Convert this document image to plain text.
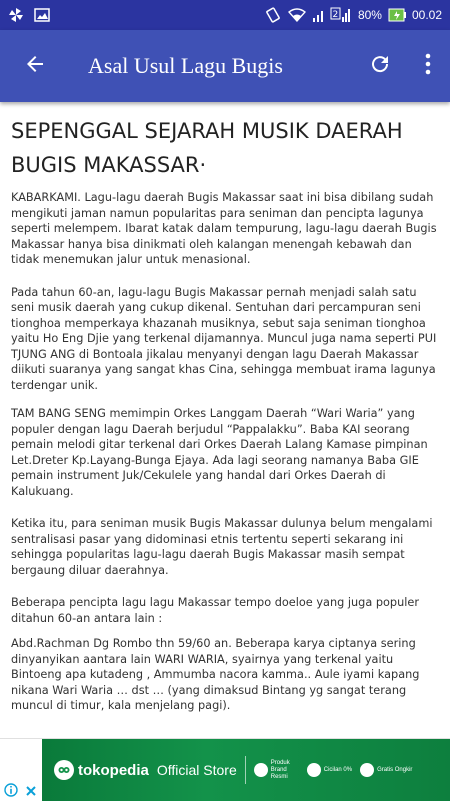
2 80%	00.02
Asal Usul Lagu Bugis
SEPENGGAL SEJARAH MUSIK DAERAH BUGIS MAKASSAR·

KABARKAMI. Lagu-lagu daerah Bugis Makassar saat ini bisa dibilang sudah mengikuti jaman namun popularitas para seniman dan pencipta lagunya seperti melempem. Ibarat katak dalam tempurung, lagu-lagu daerah Bugis Makassar hanya bisa dinikmati oleh kalangan menengah kebawah dan tidak menemukan jalur untuk menasional.

Pada tahun 60-an, lagu-lagu Bugis Makassar pernah menjadi salah satu seni musik daerah yang cukup dikenal. Sentuhan dari percampuran seni tionghoa memperkaya khazanah musiknya, sebut saja seniman tionghoa yaitu Ho Eng Djie yang terkenal dijamannya. Muncul juga nama seperti PUI TJUNG ANG di Bontoala jikalau menyanyi dengan lagu Daerah Makassar diikuti suaranya yang sangat khas Cina, sehingga membuat irama lagunya terdengar unik.

TAM BANG SENG memimpin Orkes Langgam Daerah “Wari Waria” yang populer dengan lagu Daerah berjudul “Pappalakku”. Baba KAI seorang pemain melodi gitar terkenal dari Orkes Daerah Lalang Kamase pimpinan Let.Dreter Kp.Layang-Bunga Ejaya. Ada lagi seorang namanya Baba GIE pemain instrument Juk/Cekulele yang handal dari Orkes Daerah di Kalukuang.

Ketika itu, para seniman musik Bugis Makassar dulunya belum mengalami sentralisasi pasar yang didominasi etnis tertentu seperti sekarang ini sehingga popularitas lagu-lagu daerah Bugis Makassar masih sempat bergaung diluar daerahnya.

Beberapa pencipta lagu lagu Makassar tempo doeloe yang juga populer ditahun 60-an antara lain :

Abd.Rachman Dg Rombo thn 59/60 an. Beberapa karya ciptanya sering dinyanyikan aantara lain WARI WARIA, syairnya yang terkenal yaitu Bintoeng apa kutadeng , Ammumba nacora kamma.. Aule iyami kapang nikana Wari Waria … dst … (yang dimaksud Bintang yg sangat terang muncul di timur, kala menjelang pagi).

tokopedia Official Store	Produk Brand Resmi
Cicilan 0%	Gratis Ongkir
